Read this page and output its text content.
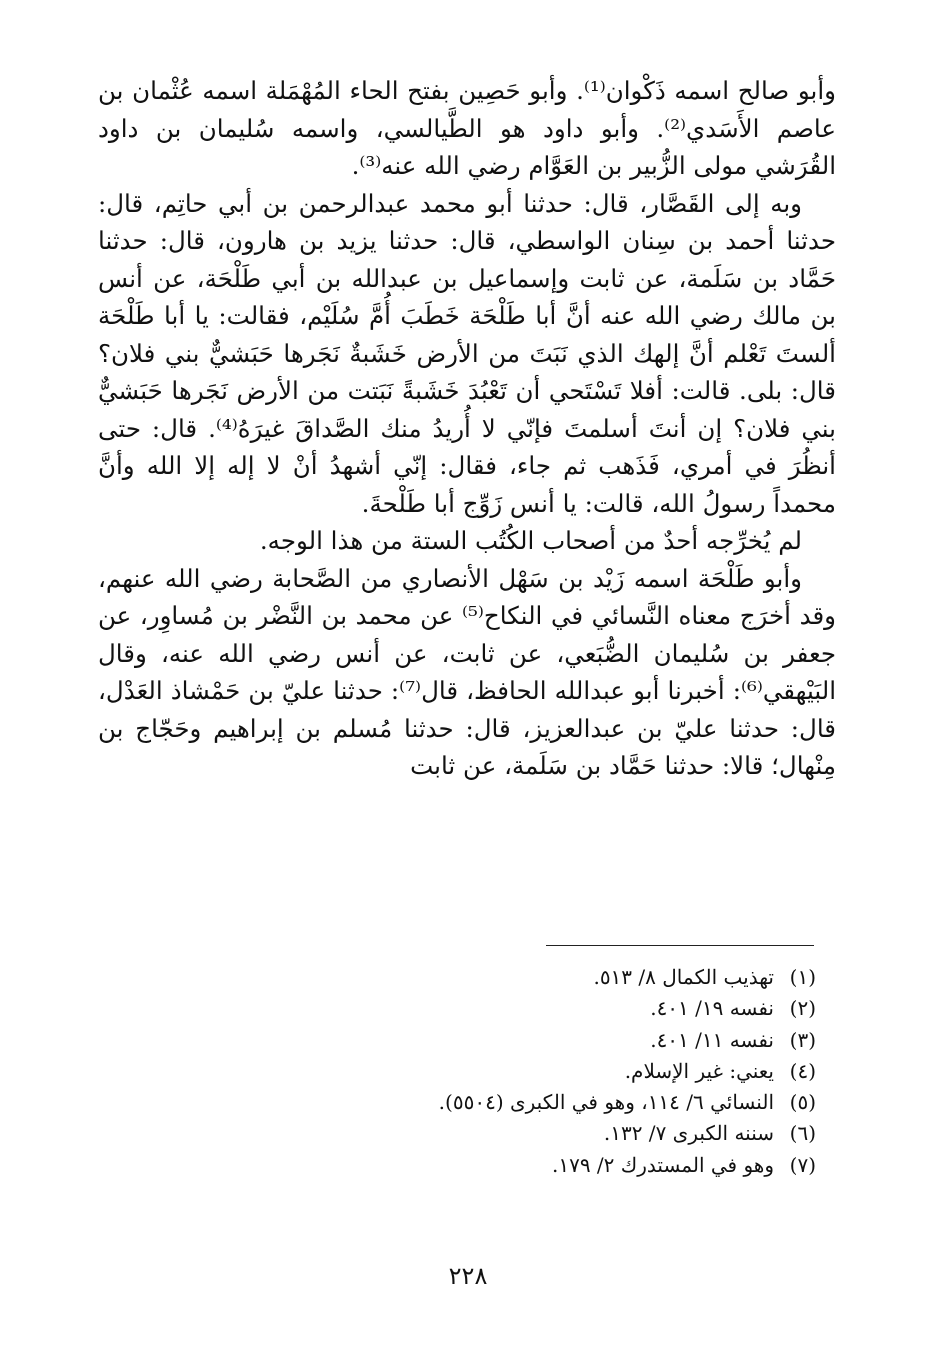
وأبو صالح اسمه ذَكْوان⁽¹⁾. وأبو حَصِين بفتح الحاء المُهْمَلة اسمه عُثْمان بن عاصم الأَسَدي⁽²⁾. وأبو داود هو الطَّيالسي، واسمه سُليمان بن داود القُرَشي مولى الزُّبير بن العَوَّام رضي الله عنه⁽³⁾.

وبه إلى القَصَّار، قال: حدثنا أبو محمد عبدالرحمن بن أبي حاتِم، قال: حدثنا أحمد بن سِنان الواسطي، قال: حدثنا يزيد بن هارون، قال: حدثنا حَمَّاد بن سَلَمة، عن ثابت وإسماعيل بن عبدالله بن أبي طَلْحَة، عن أنس بن مالك رضي الله عنه أنَّ أبا طَلْحَة خَطَبَ أُمَّ سُلَيْم، فقالت: يا أبا طَلْحَة ألستَ تَعْلم أنَّ إلهك الذي نَبَتَ من الأرض خَشَبةٌ نَجَرها حَبَشيٌّ بني فلان؟ قال: بلى. قالت: أفلا تَسْتَحي أن تَعْبُدَ خَشَبةً نَبَتت من الأرض نَجَرها حَبَشيٌّ بني فلان؟ إن أنتَ أسلمتَ فإنّي لا أُريدُ منك الصَّداقَ غيرَهُ⁽⁴⁾. قال: حتى أنظُرَ في أمري، فَذَهب ثم جاء، فقال: إنّي أشهدُ أنْ لا إله إلا الله وأنَّ محمداً رسولُ الله، قالت: يا أنس زَوِّج أبا طَلْحةَ.

لم يُخرِّجه أحدٌ من أصحاب الكُتُب الستة من هذا الوجه.

وأبو طَلْحَة اسمه زَيْد بن سَهْل الأنصاري من الصَّحابة رضي الله عنهم، وقد أخرَج معناه النَّسائي في النكاح⁽⁵⁾ عن محمد بن النَّضْر بن مُساوِر، عن جعفر بن سُليمان الضُّبَعي، عن ثابت، عن أنس رضي الله عنه، وقال البَيْهقي⁽⁶⁾: أخبرنا أبو عبدالله الحافظ، قال⁽⁷⁾: حدثنا عليّ بن حَمْشاذ العَدْل، قال: حدثنا عليّ بن عبدالعزيز، قال: حدثنا مُسلم بن إبراهيم وحَجّاج بن مِنْهال؛ قالا: حدثنا حَمَّاد بن سَلَمة، عن ثابت

(١)تهذيب الكمال ٨/ ٥١٣.
(٢)نفسه ١٩/ ٤٠١.
(٣)نفسه ١١/ ٤٠١.
(٤)يعني: غير الإسلام.
(٥)النسائي ٦/ ١١٤، وهو في الكبرى (٥٥٠٤).
(٦)سننه الكبرى ٧/ ١٣٢.
(٧)وهو في المستدرك ٢/ ١٧٩.
٢٢٨
